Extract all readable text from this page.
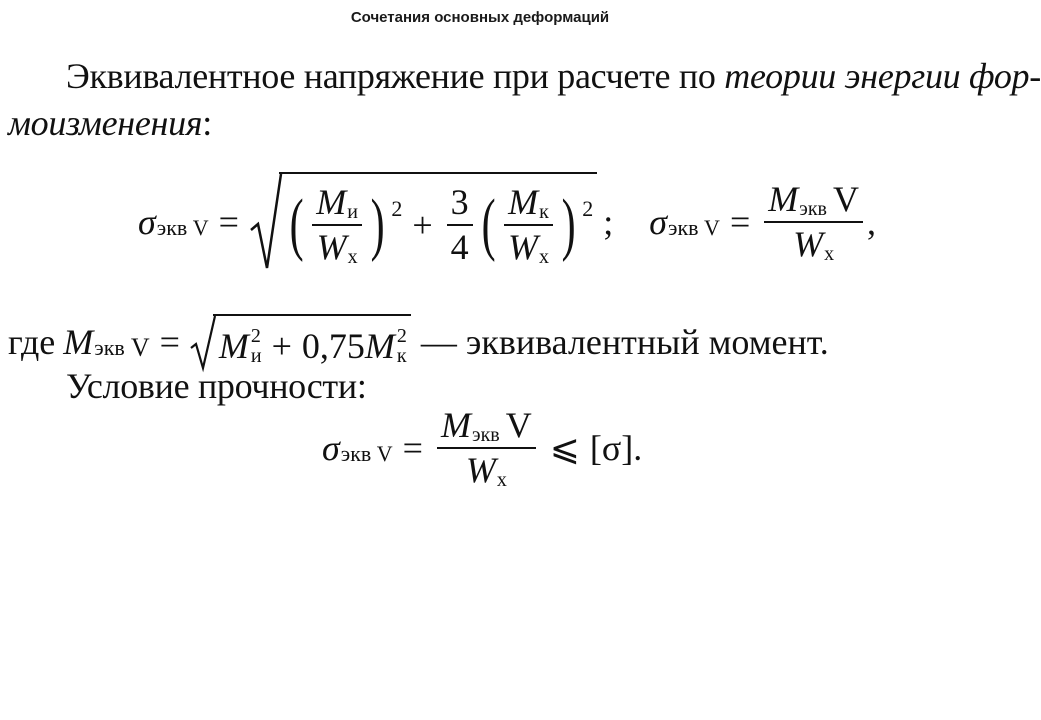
Сочетания основных деформаций
Эквивалентное напряжение при расчете по теории энергии фор-
моизменения:
σ экв V = ( $\frac{\text{M и}}{\text{W x}}$ ) $2 + \frac{3}{4}$ ( $\frac{\text{M к}}{\text{W x}}$ ) 2 ; σ экв $V = \frac{\text{M экв V}}{\text{W x}}$ ,
где M экв V = M 2
и + 0,75 M 2
к — эквивалентный момент.
Условие прочности:
σ экв $V = \frac{\text{M экв V}}{\text{W x}}$ ⩽ [σ] .
